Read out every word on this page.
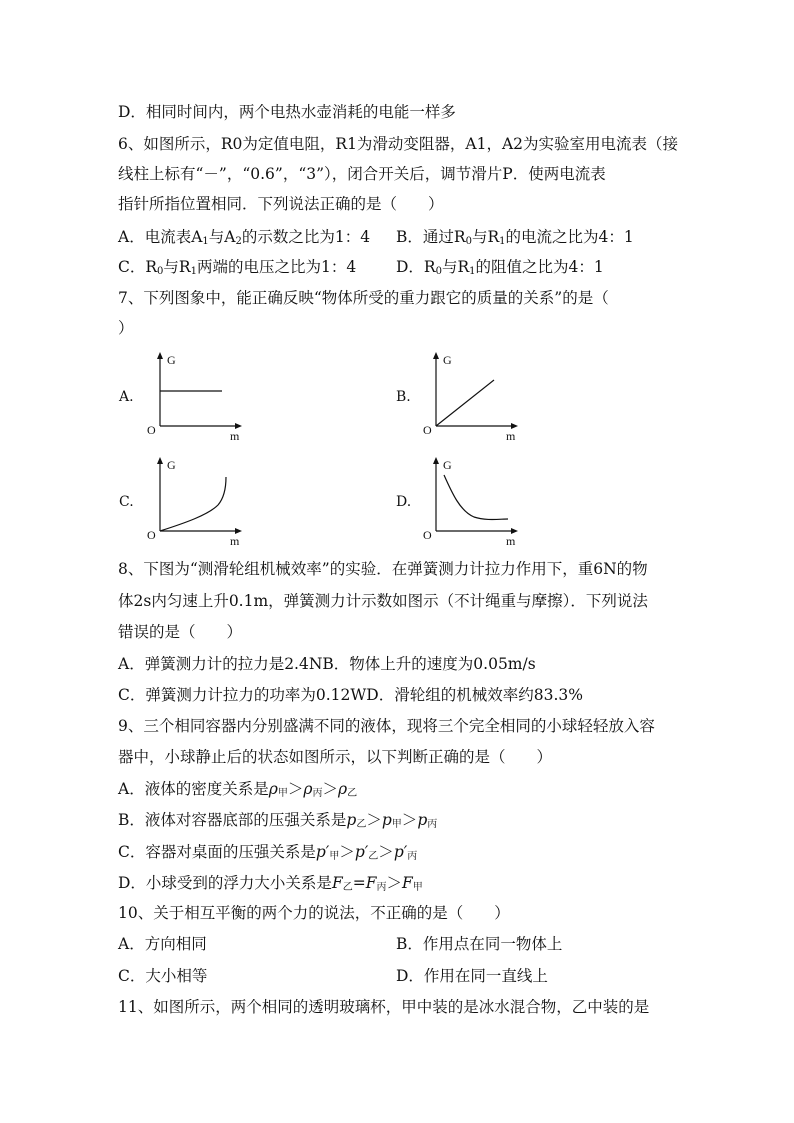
D．相同时间内，两个电热水壶消耗的电能一样多
6、如图所示，R0为定值电阻，R1为滑动变阻器，A1，A2为实验室用电流表（接
线柱上标有“－”，“0.6”，“3”），闭合开关后，调节滑片P．使两电流表
指针所指位置相同．下列说法正确的是（　　）
A．电流表$A_1$与$A_2$的示数之比为1：4 B．通过$R_0$与$R_1$的电流之比为4：1
C．$R_0$与$R_1$两端的电压之比为1：4	D．$R_0$与$R_1$的阻值之比为4：1
7、下列图象中，能正确反映“物体所受的重力跟它的质量的关系”的是（
）
A.	B.
C.	D.
G
m
O
G
m
O
G
m
O
G
m
O
8、下图为“测滑轮组机械效率”的实验．在弹簧测力计拉力作用下，重6N的物
体2s内匀速上升0.1m，弹簧测力计示数如图示（不计绳重与摩擦）．下列说法
错误的是（　　）
A．弹簧测力计的拉力是2.4NB．物体上升的速度为0.05m/s
C．弹簧测力计拉力的功率为0.12WD．滑轮组的机械效率约83.3%
9、三个相同容器内分别盛满不同的液体，现将三个完全相同的小球轻轻放入容
器中，小球静止后的状态如图所示，以下判断正确的是（　　）
A．液体的密度关系是$\rho_甲>\rho_丙>\rho_乙$
B．液体对容器底部的压强关系是$p_乙>p_甲>p_丙$
C．容器对桌面的压强关系是$p'_甲>p'_乙>p'_丙$
D．小球受到的浮力大小关系是$F_乙=F_丙>F_甲$
10、关于相互平衡的两个力的说法，不正确的是（　　）
A．方向相同	B．作用点在同一物体上
C．大小相等	D．作用在同一直线上
11、如图所示，两个相同的透明玻璃杯，甲中装的是冰水混合物，乙中装的是
